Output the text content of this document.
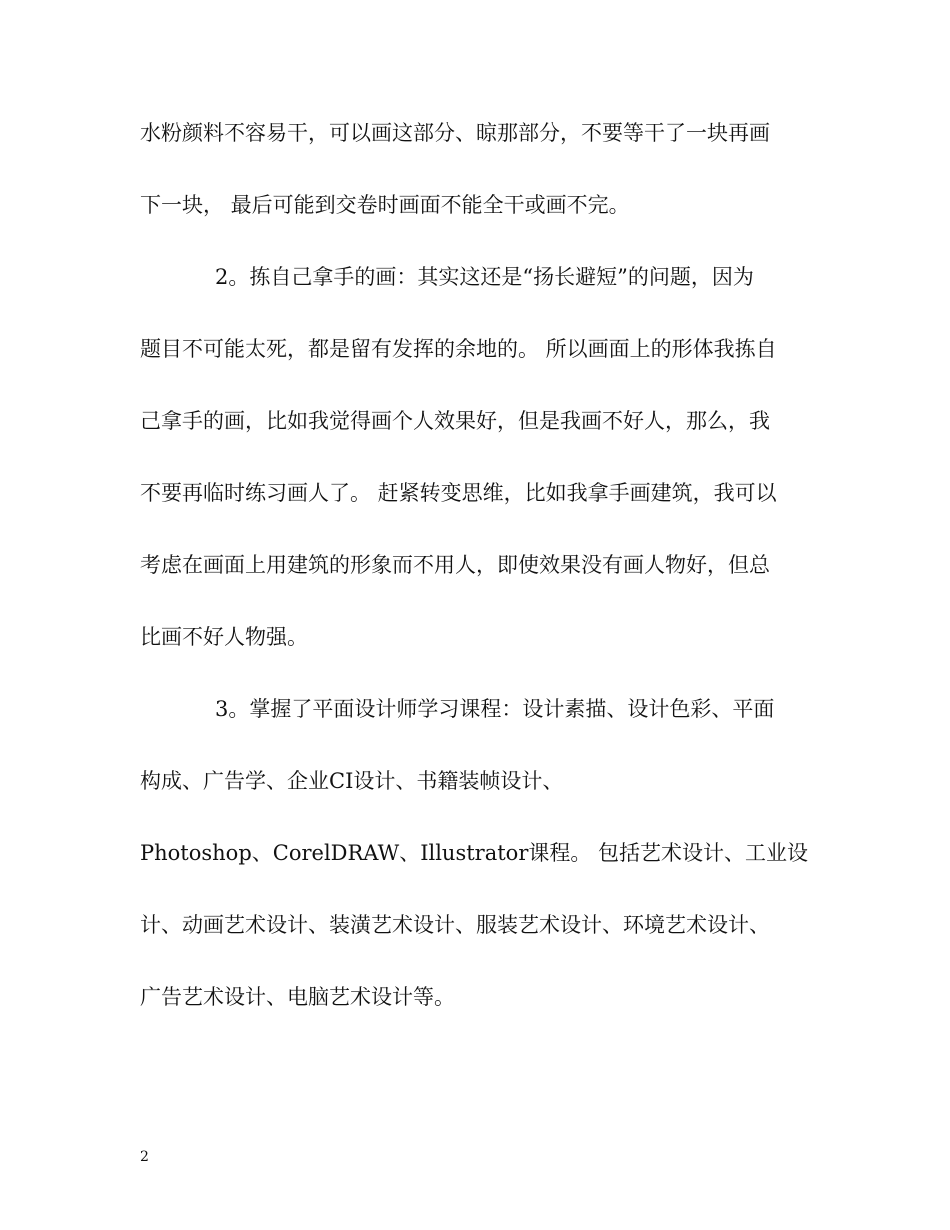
水粉颜料不容易干，可以画这部分、晾那部分，不要等干了一块再画
下一块， 最后可能到交卷时画面不能全干或画不完。
2。拣自己拿手的画：其实这还是“扬长避短”的问题，因为
题目不可能太死，都是留有发挥的余地的。 所以画面上的形体我拣自
己拿手的画，比如我觉得画个人效果好，但是我画不好人，那么，我
不要再临时练习画人了。 赶紧转变思维，比如我拿手画建筑，我可以
考虑在画面上用建筑的形象而不用人，即使效果没有画人物好，但总
比画不好人物强。
3。掌握了平面设计师学习课程：设计素描、设计色彩、平面
构成、广告学、企业CI设计、书籍装帧设计、
Photoshop、CorelDRAW、Illustrator课程。 包括艺术设计、工业设
计、动画艺术设计、装潢艺术设计、服装艺术设计、环境艺术设计、
广告艺术设计、电脑艺术设计等。
2
